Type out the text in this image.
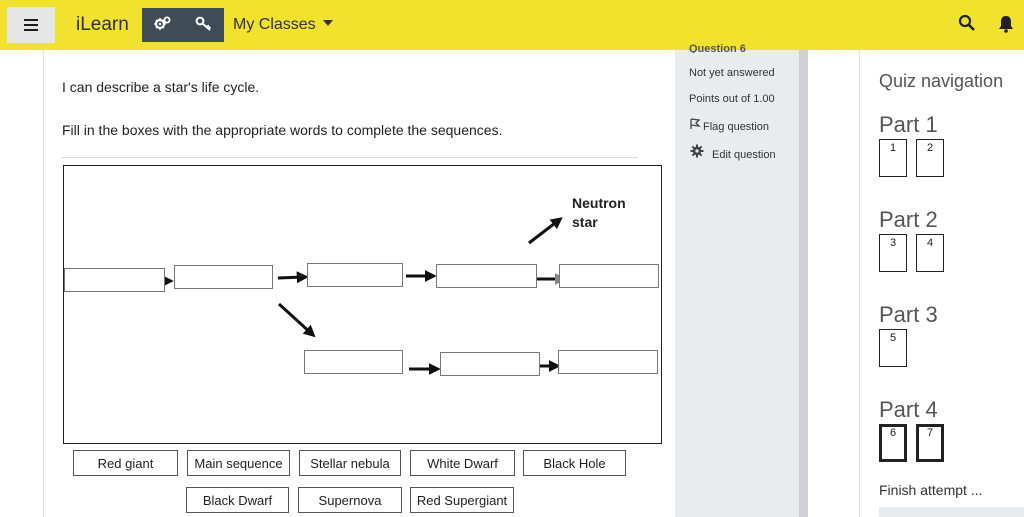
iLearn	My Classes
I can describe a star's life cycle.
Fill in the boxes with the appropriate words to complete the sequences.
Neutron
star
Red giant	Main sequence	Stellar nebula	White Dwarf	Black Hole
Black Dwarf	Supernova	Red Supergiant
Question 6
Not yet answered
Points out of 1.00
Flag question
Edit question
Quiz navigation
Part 1
1	2
Part 2
3	4
Part 3
5
Part 4
6	7
Finish attempt ...
